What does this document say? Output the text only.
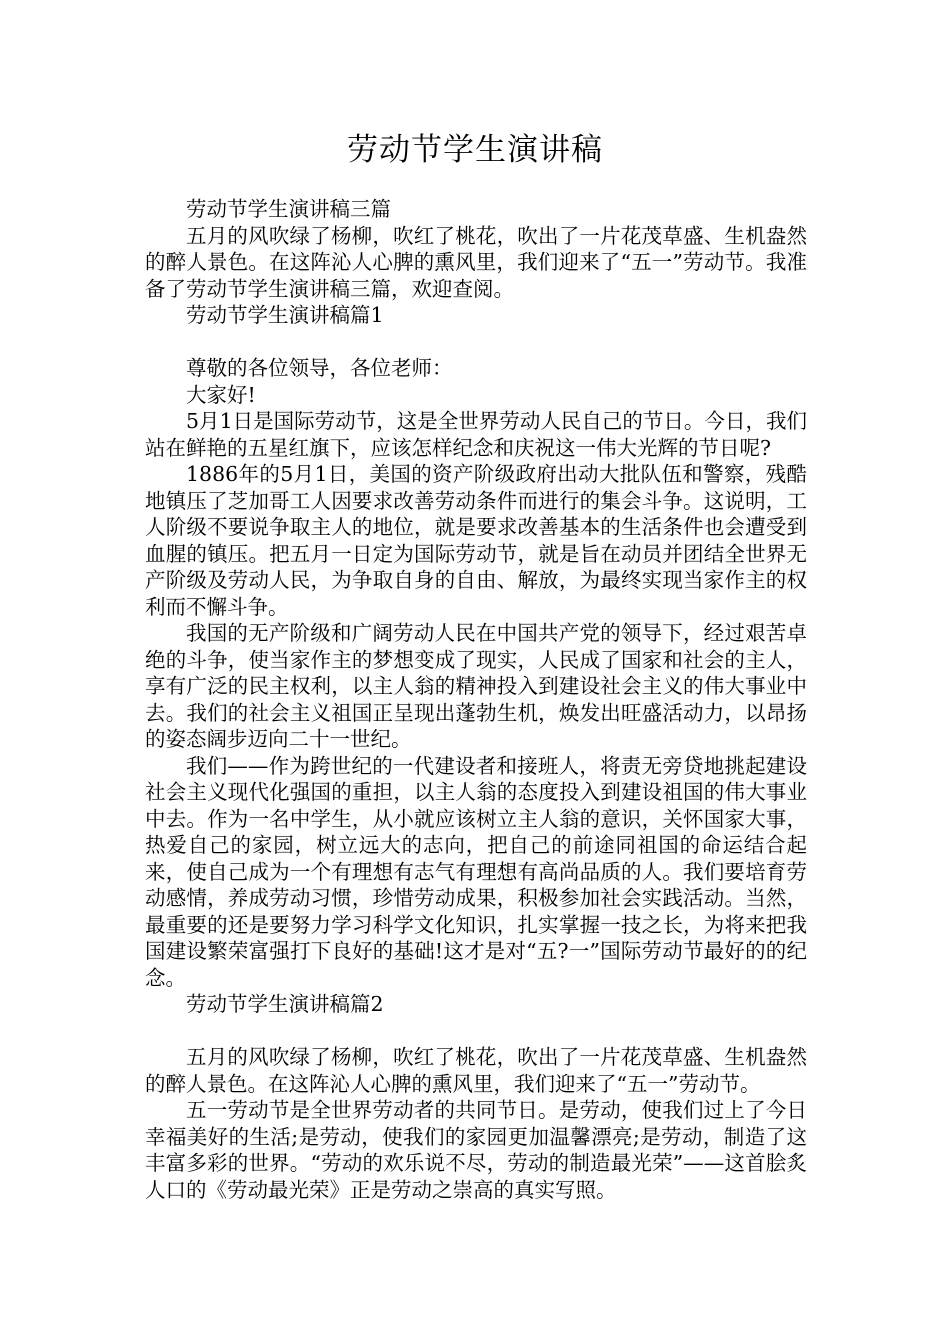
劳动节学生演讲稿

劳动节学生演讲稿三篇

五月的风吹绿了杨柳，吹红了桃花，吹出了一片花茂草盛、生机盎然的醉人景色。在这阵沁人心脾的熏风里，我们迎来了“五一”劳动节。我准备了劳动节学生演讲稿三篇，欢迎查阅。

劳动节学生演讲稿篇1

尊敬的各位领导，各位老师：

大家好!

5月1日是国际劳动节，这是全世界劳动人民自己的节日。今日，我们站在鲜艳的五星红旗下，应该怎样纪念和庆祝这一伟大光辉的节日呢?

1886年的5月1日，美国的资产阶级政府出动大批队伍和警察，残酷地镇压了芝加哥工人因要求改善劳动条件而进行的集会斗争。这说明，工人阶级不要说争取主人的地位，就是要求改善基本的生活条件也会遭受到血腥的镇压。把五月一日定为国际劳动节，就是旨在动员并团结全世界无产阶级及劳动人民，为争取自身的自由、解放，为最终实现当家作主的权利而不懈斗争。

我国的无产阶级和广阔劳动人民在中国共产党的领导下，经过艰苦卓绝的斗争，使当家作主的梦想变成了现实，人民成了国家和社会的主人，享有广泛的民主权利，以主人翁的精神投入到建设社会主义的伟大事业中去。我们的社会主义祖国正呈现出蓬勃生机，焕发出旺盛活动力，以昂扬的姿态阔步迈向二十一世纪。

我们——作为跨世纪的一代建设者和接班人，将责无旁贷地挑起建设社会主义现代化强国的重担，以主人翁的态度投入到建设祖国的伟大事业中去。作为一名中学生，从小就应该树立主人翁的意识，关怀国家大事，热爱自己的家园，树立远大的志向，把自己的前途同祖国的命运结合起来，使自己成为一个有理想有志气有理想有高尚品质的人。我们要培育劳动感情，养成劳动习惯，珍惜劳动成果，积极参加社会实践活动。当然，最重要的还是要努力学习科学文化知识，扎实掌握一技之长，为将来把我国建设繁荣富强打下良好的基础!这才是对“五?一”国际劳动节最好的的纪念。

劳动节学生演讲稿篇2

五月的风吹绿了杨柳，吹红了桃花，吹出了一片花茂草盛、生机盎然的醉人景色。在这阵沁人心脾的熏风里，我们迎来了“五一”劳动节。

五一劳动节是全世界劳动者的共同节日。是劳动，使我们过上了今日幸福美好的生活;是劳动，使我们的家园更加温馨漂亮;是劳动，制造了这丰富多彩的世界。“劳动的欢乐说不尽，劳动的制造最光荣”——这首脍炙人口的《劳动最光荣》正是劳动之崇高的真实写照。
